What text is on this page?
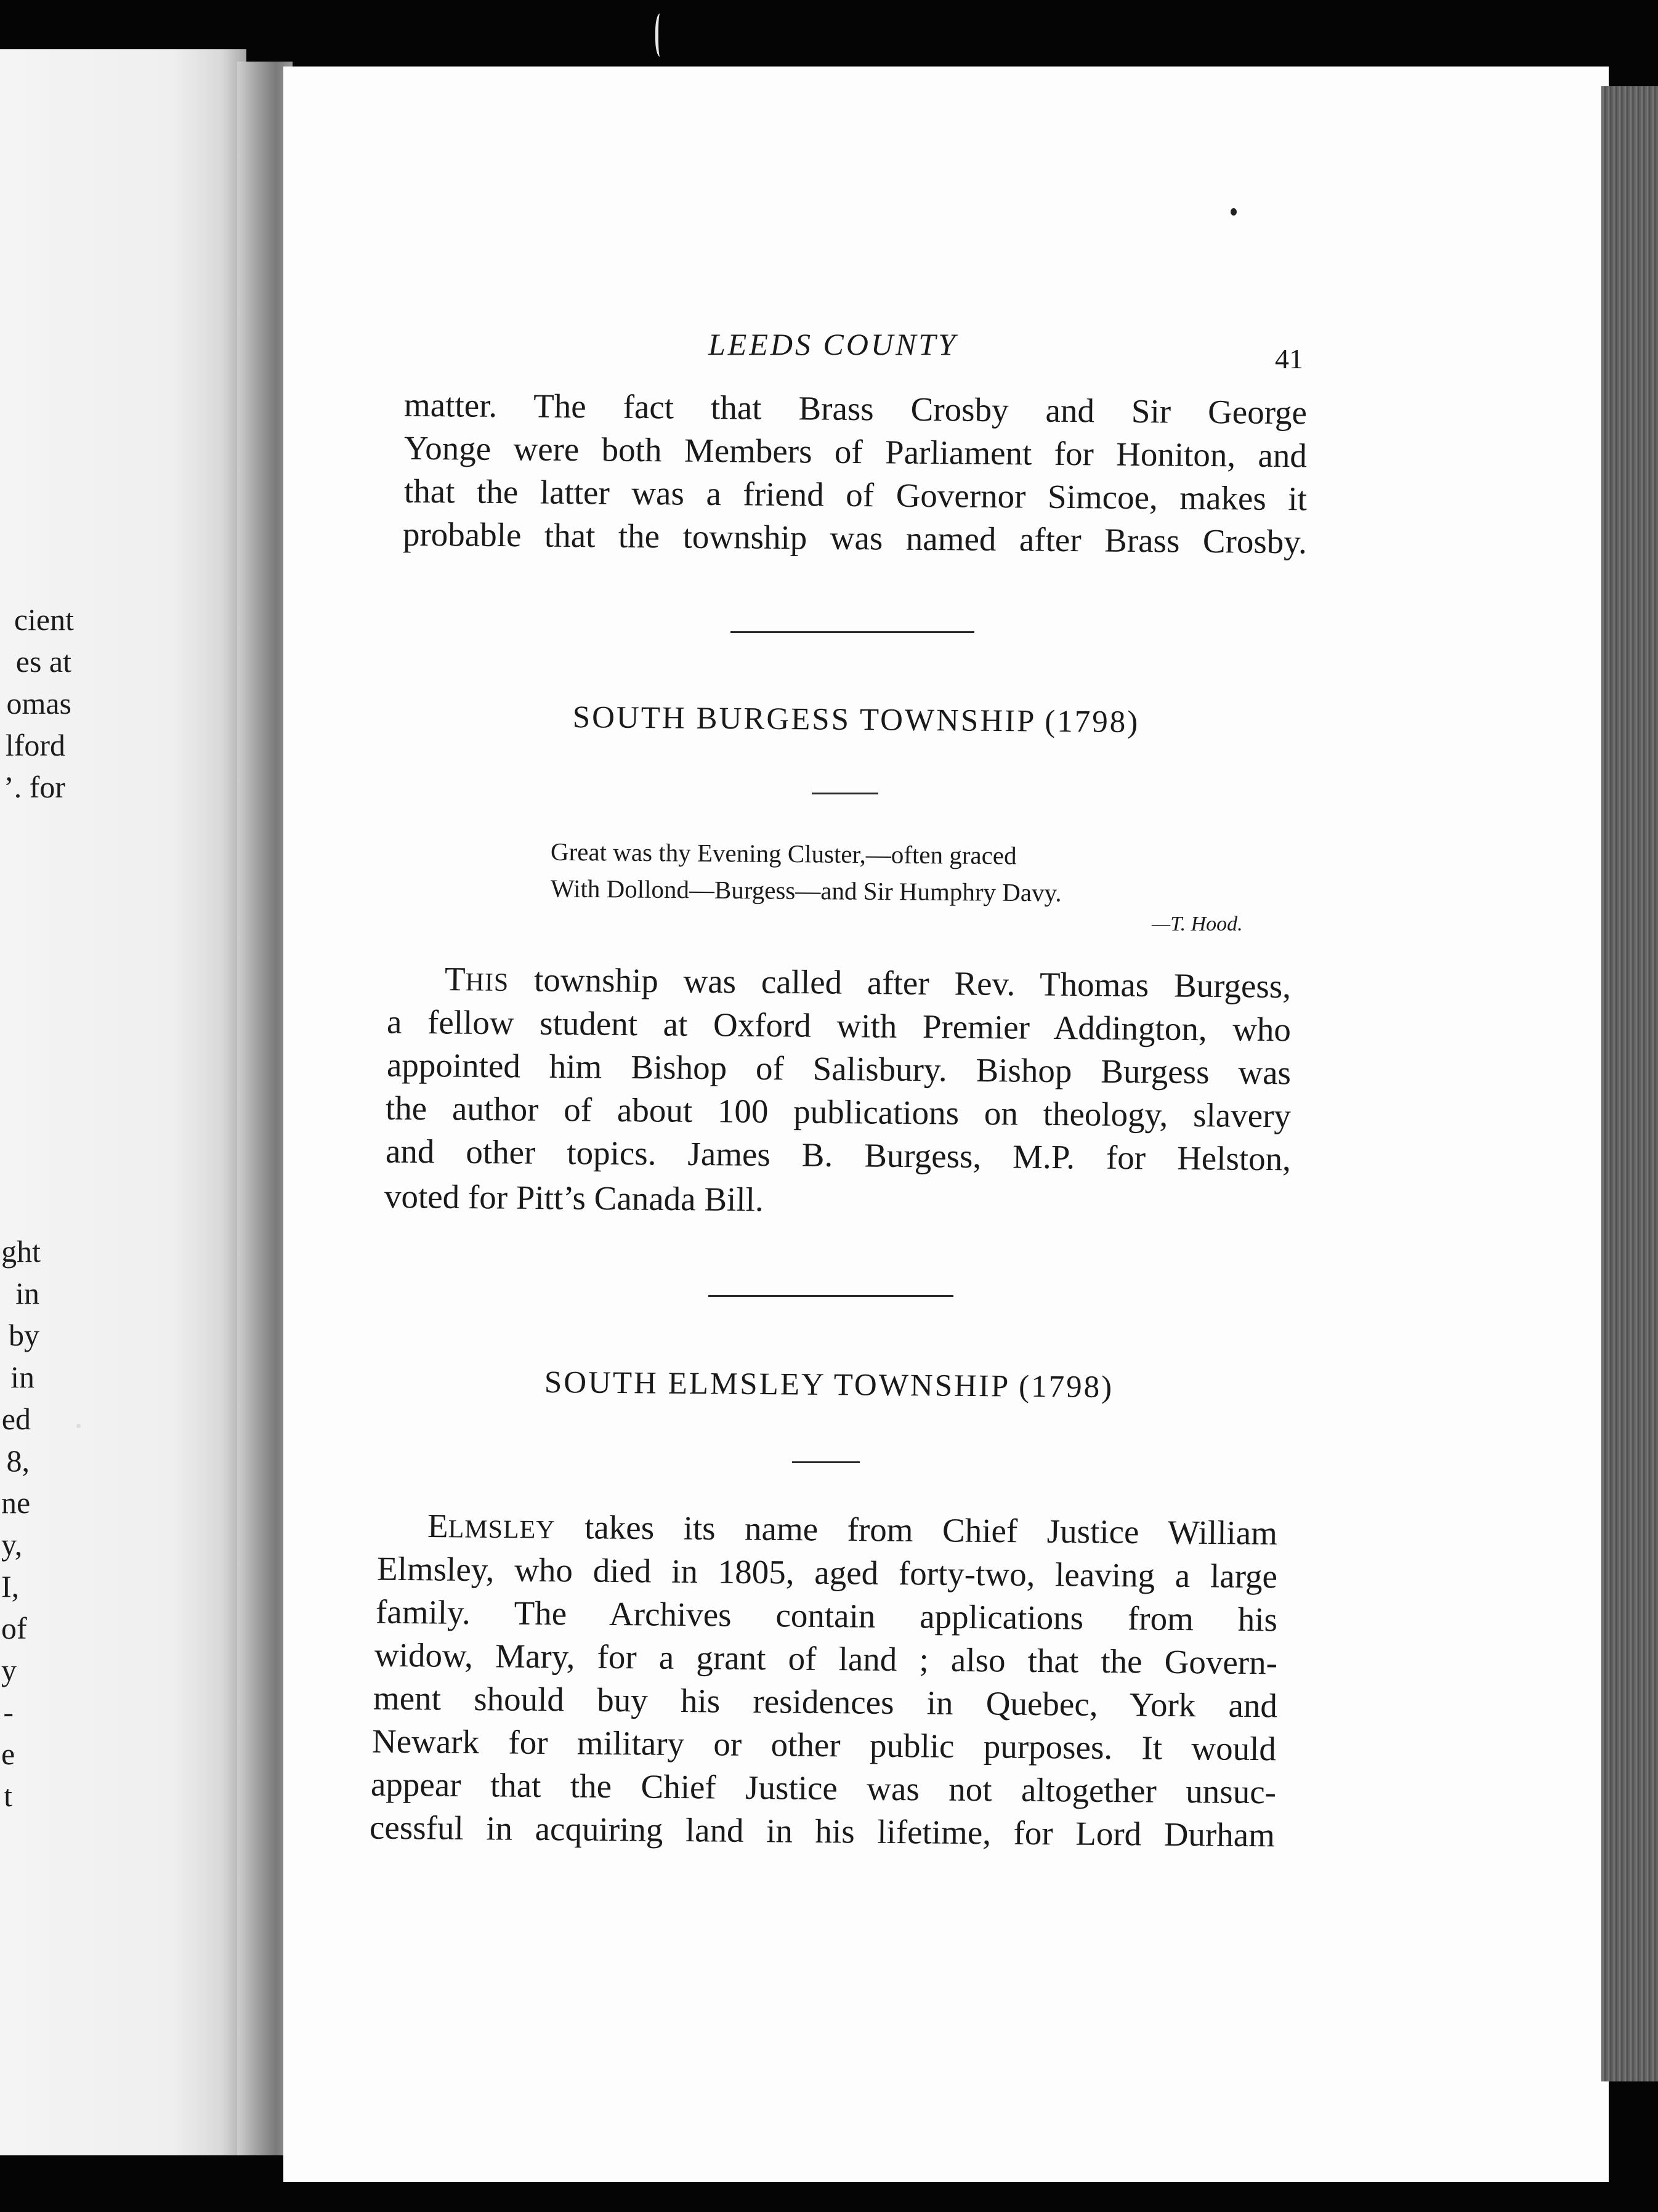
cient
es at
omas
lford
’. for
ght
in
by
in
ed
8,
ne
y,
I,
of
y
-
e
t
LEEDS COUNTY	41
matter. The fact that Brass Crosby and Sir George
Yonge were both Members of Parliament for Honiton, and
that the latter was a friend of Governor Simcoe, makes it
probable that the township was named after Brass Crosby.
SOUTH BURGESS TOWNSHIP (1798)
Great was thy Evening Cluster,—often graced
With Dollond—Burgess—and Sir Humphry Davy.
—T. Hood.
THIS township was called after Rev. Thomas Burgess,
a fellow student at Oxford with Premier Addington, who
appointed him Bishop of Salisbury. Bishop Burgess was
the author of about 100 publications on theology, slavery
and other topics. James B. Burgess, M.P. for Helston,
voted for Pitt’s Canada Bill.
SOUTH ELMSLEY TOWNSHIP (1798)
ELMSLEY takes its name from Chief Justice William
Elmsley, who died in 1805, aged forty-two, leaving a large
family. The Archives contain applications from his
widow, Mary, for a grant of land ; also that the Govern-
ment should buy his residences in Quebec, York and
Newark for military or other public purposes. It would
appear that the Chief Justice was not altogether unsuc-
cessful in acquiring land in his lifetime, for Lord Durham
